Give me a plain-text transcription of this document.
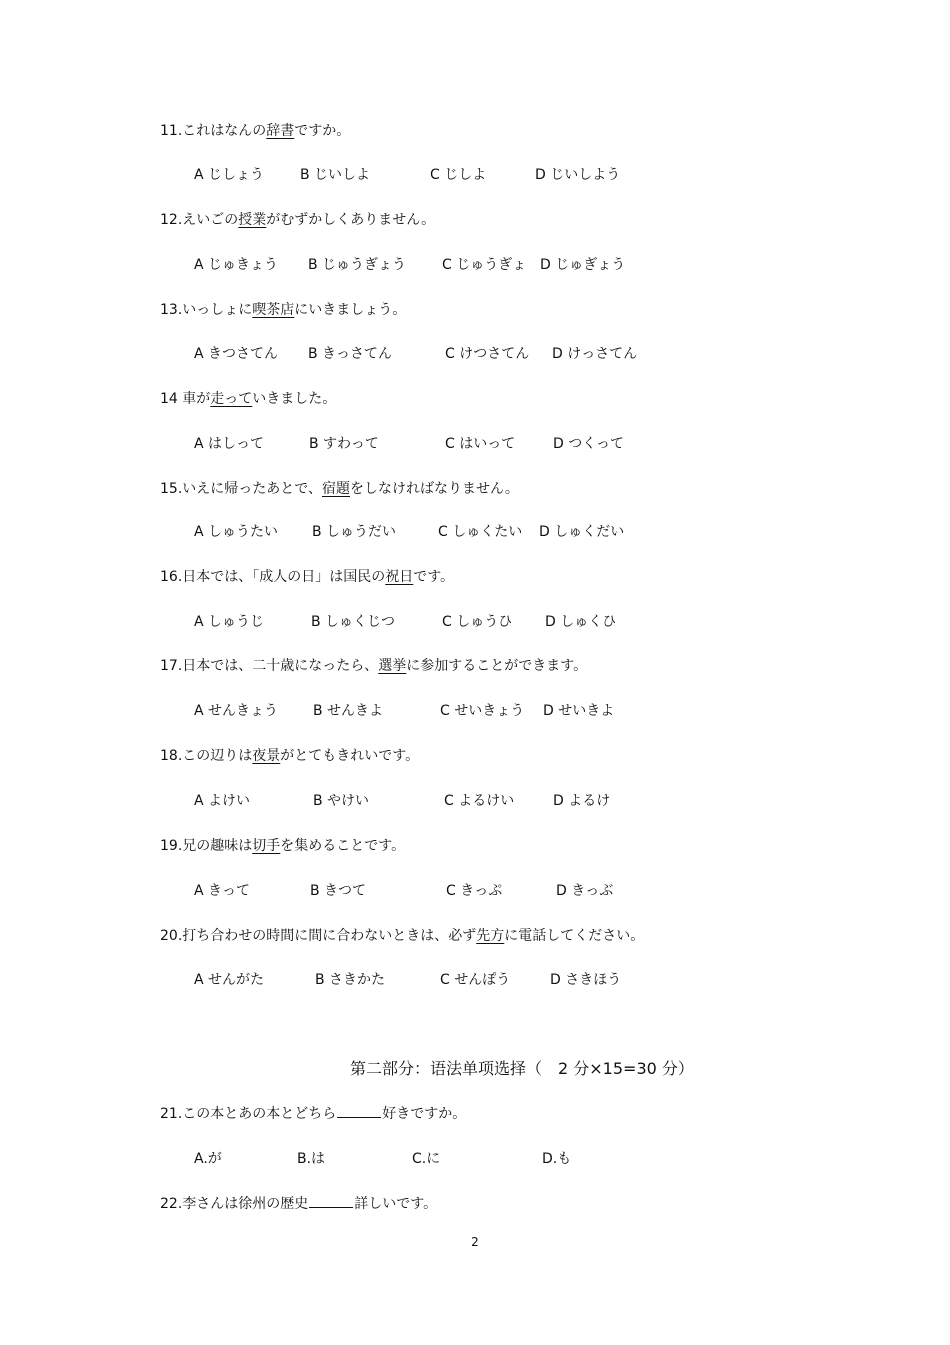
11.これはなんの辞書ですか。
A じしょう	B じいしよ	C じしよ	D じいしよう
12.えいごの授業がむずかしくありません。
A じゅきょう B じゅうぎょう	C じゅうぎょ D じゅぎょう
13.いっしょに喫茶店にいきましょう。
A きつさてん B きっさてん	C けつさてん D けっさてん
14 車が走っていきました。
A はしって	B すわって	C はいって	D つくって
15.いえに帰ったあとで、宿題をしなければなりません。
A しゅうたい B しゅうだい	C しゅくたい D しゅくだい
16.日本では、「成人の日」は国民の祝日です。
A しゅうじ	B しゅくじつ	C しゅうひ D しゅくひ
17.日本では、二十歳になったら、選挙に参加することができます。
A せんきょう B せんきよ	C せいきょう D せいきよ
18.この辺りは夜景がとてもきれいです。
A よけい	B やけい	C よるけい	D よるけ
19.兄の趣味は切手を集めることです。
A きって	B きつて	C きっぷ	D きっぶ
20.打ち合わせの時間に間に合わないときは、必ず先方に電話してください。
A せんがた	B さきかた	C せんぽう	D さきほう
第二部分：语法单项选择（　2 分×15=30 分）
21.この本とあの本とどちら	好きですか。
A.が	B.は	C.に	D.も
22.李さんは徐州の歴史	詳しいです。
2
